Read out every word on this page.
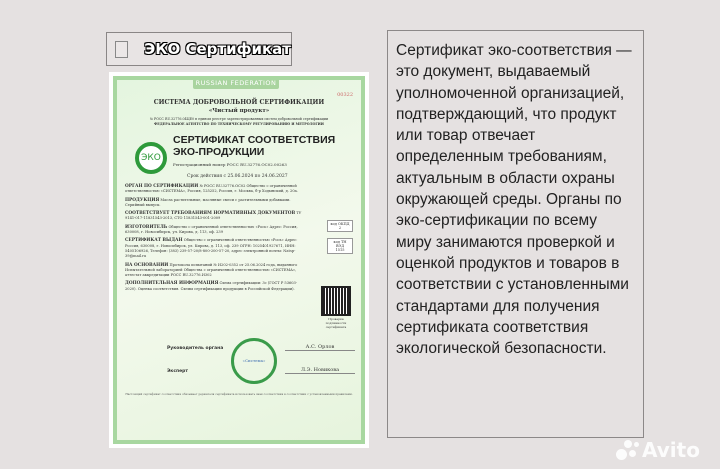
ЭКО Сертификат
RUSSIAN FEDERATION
00322
СИСТЕМА ДОБРОВОЛЬНОЙ СЕРТИФИКАЦИИ
«Чистый продукт»
№ РОСС RU.32776.04ЦЕ0 в едином реестре зарегистрированных систем добровольной сертификации
ФЕДЕРАЛЬНОЕ АГЕНТСТВО ПО ТЕХНИЧЕСКОМУ РЕГУЛИРОВАНИЮ И МЕТРОЛОГИИ
ЭКО
СЕРТИФИКАТ СООТВЕТСТВИЯ ЭКО-ПРОДУКЦИИ
Регистрационный номер РОСС RU.32776.ОС02.00263
Срок действия с 25.06.2024 по 24.06.2027

ОРГАН ПО СЕРТИФИКАЦИИ № РОСС RU.32776.ОС02 Общество с ограниченной ответственностью «СИСТЕМА», Россия, 125252, Россия, г. Москва, б-р Ходынский, д. 20а.

ПРОДУКЦИЯ Масла растительные, масляные смеси с растительными добавками. Серийный выпуск.

СООТВЕТСТВУЕТ ТРЕБОВАНИЯМ НОРМАТИВНЫХ ДОКУМЕНТОВ ТУ 9141-017-11831543-2013, СТО 11831543-001-2009

ИЗГОТОВИТЕЛЬ Общество с ограниченной ответственностью «Рось» Адрес: Россия, 630008, г. Новосибирск, ул. Кирова, д. 113, оф. 239

СЕРТИФИКАТ ВЫДАН Общество с ограниченной ответственностью «Рось» Адрес: Россия, 630008, г. Новосибирск, ул. Кирова, д. 113, оф. 239 ОГРН: 1025401927671, ИНН: 5405106926, Телефон: (383) 239-57-20/8-800-200-57-20, адрес электронной почты: Natsp-39@mail.ru

НА ОСНОВАНИИ Протокола испытаний № И202-0352 от 25.06.2024 года, выданного Испытательной лабораторией Общества с ограниченной ответственностью «СИСТЕМА», аттестат аккредитации РОСС RU.32776.И302

ДОПОЛНИТЕЛЬНАЯ ИНФОРМАЦИЯ Схема сертификации: 3с (ГОСТ Р 53603-2020). Оценка соответствия. Схемы сертификации продукции в Российской Федерации).

код ОКПД 2
код ТН ВЭД
1515
Проверка подлинности сертификата
Руководитель органа	А.С. Орлов
Эксперт	Л.Э. Новикова
«Система»
Настоящий сертификат соответствия обязывает держателя сертификата использовать знак соответствия в соответствии с установленными правилами.

Сертификат эко-соответствия — это документ, выдаваемый уполномоченной организацией, подтверждающий, что продукт или товар отвечает определенным требованиям, актуальным в области охраны окружающей среды. Органы по эко-сертификации по всему миру занимаются проверкой и оценкой продуктов и товаров в соответствии с установленными стандартами для получения сертификата соответствия экологической безопасности.

Avito
